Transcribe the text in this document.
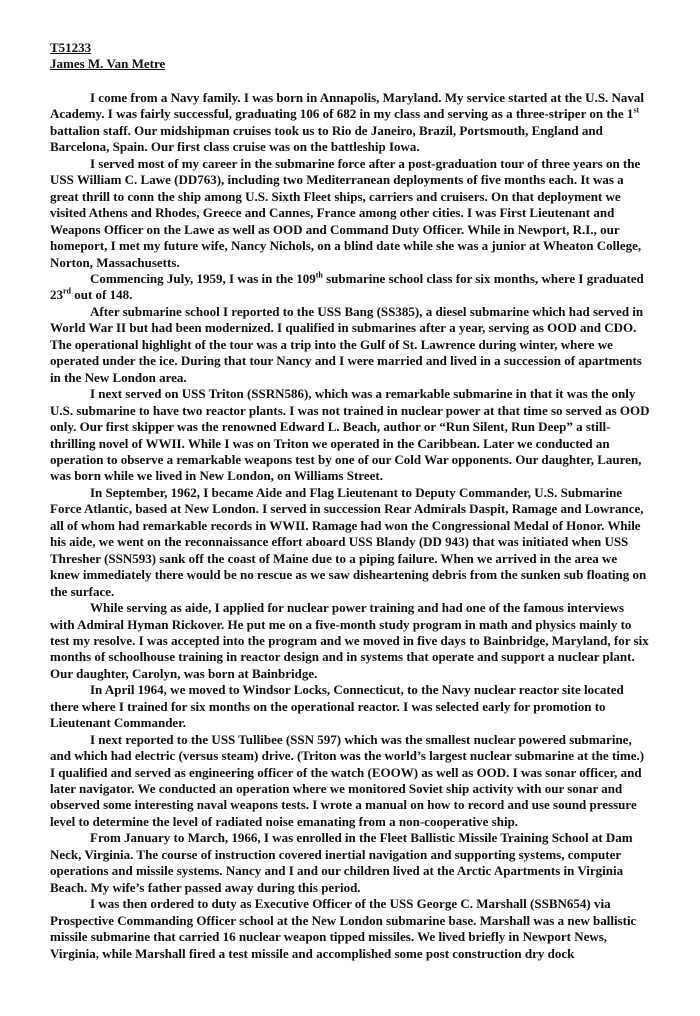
T51233
James M. Van Metre

I come from a Navy family. I was born in Annapolis, Maryland. My service started at the U.S. Naval Academy. I was fairly successful, graduating 106 of 682 in my class and serving as a three-striper on the 1st battalion staff. Our midshipman cruises took us to Rio de Janeiro, Brazil, Portsmouth, England and Barcelona, Spain. Our first class cruise was on the battleship Iowa.

I served most of my career in the submarine force after a post-graduation tour of three years on the USS William C. Lawe (DD763), including two Mediterranean deployments of five months each. It was a great thrill to conn the ship among U.S. Sixth Fleet ships, carriers and cruisers. On that deployment we visited Athens and Rhodes, Greece and Cannes, France among other cities. I was First Lieutenant and Weapons Officer on the Lawe as well as OOD and Command Duty Officer. While in Newport, R.I., our homeport, I met my future wife, Nancy Nichols, on a blind date while she was a junior at Wheaton College, Norton, Massachusetts.

Commencing July, 1959, I was in the 109th submarine school class for six months, where I graduated 23rd out of 148.

After submarine school I reported to the USS Bang (SS385), a diesel submarine which had served in World War II but had been modernized. I qualified in submarines after a year, serving as OOD and CDO. The operational highlight of the tour was a trip into the Gulf of St. Lawrence during winter, where we operated under the ice. During that tour Nancy and I were married and lived in a succession of apartments in the New London area.

I next served on USS Triton (SSRN586), which was a remarkable submarine in that it was the only U.S. submarine to have two reactor plants. I was not trained in nuclear power at that time so served as OOD only. Our first skipper was the renowned Edward L. Beach, author or “Run Silent, Run Deep” a still-thrilling novel of WWII. While I was on Triton we operated in the Caribbean. Later we conducted an operation to observe a remarkable weapons test by one of our Cold War opponents. Our daughter, Lauren, was born while we lived in New London, on Williams Street.

In September, 1962, I became Aide and Flag Lieutenant to Deputy Commander, U.S. Submarine Force Atlantic, based at New London. I served in succession Rear Admirals Daspit, Ramage and Lowrance, all of whom had remarkable records in WWII. Ramage had won the Congressional Medal of Honor. While his aide, we went on the reconnaissance effort aboard USS Blandy (DD 943) that was initiated when USS Thresher (SSN593) sank off the coast of Maine due to a piping failure. When we arrived in the area we knew immediately there would be no rescue as we saw disheartening debris from the sunken sub floating on the surface.

While serving as aide, I applied for nuclear power training and had one of the famous interviews with Admiral Hyman Rickover. He put me on a five-month study program in math and physics mainly to test my resolve. I was accepted into the program and we moved in five days to Bainbridge, Maryland, for six months of schoolhouse training in reactor design and in systems that operate and support a nuclear plant. Our daughter, Carolyn, was born at Bainbridge.

In April 1964, we moved to Windsor Locks, Connecticut, to the Navy nuclear reactor site located there where I trained for six months on the operational reactor. I was selected early for promotion to Lieutenant Commander.

I next reported to the USS Tullibee (SSN 597) which was the smallest nuclear powered submarine, and which had electric (versus steam) drive. (Triton was the world’s largest nuclear submarine at the time.) I qualified and served as engineering officer of the watch (EOOW) as well as OOD. I was sonar officer, and later navigator. We conducted an operation where we monitored Soviet ship activity with our sonar and observed some interesting naval weapons tests. I wrote a manual on how to record and use sound pressure level to determine the level of radiated noise emanating from a non-cooperative ship.

From January to March, 1966, I was enrolled in the Fleet Ballistic Missile Training School at Dam Neck, Virginia. The course of instruction covered inertial navigation and supporting systems, computer operations and missile systems. Nancy and I and our children lived at the Arctic Apartments in Virginia Beach. My wife’s father passed away during this period.

I was then ordered to duty as Executive Officer of the USS George C. Marshall (SSBN654) via Prospective Commanding Officer school at the New London submarine base. Marshall was a new ballistic missile submarine that carried 16 nuclear weapon tipped missiles. We lived briefly in Newport News, Virginia, while Marshall fired a test missile and accomplished some post construction dry dock
